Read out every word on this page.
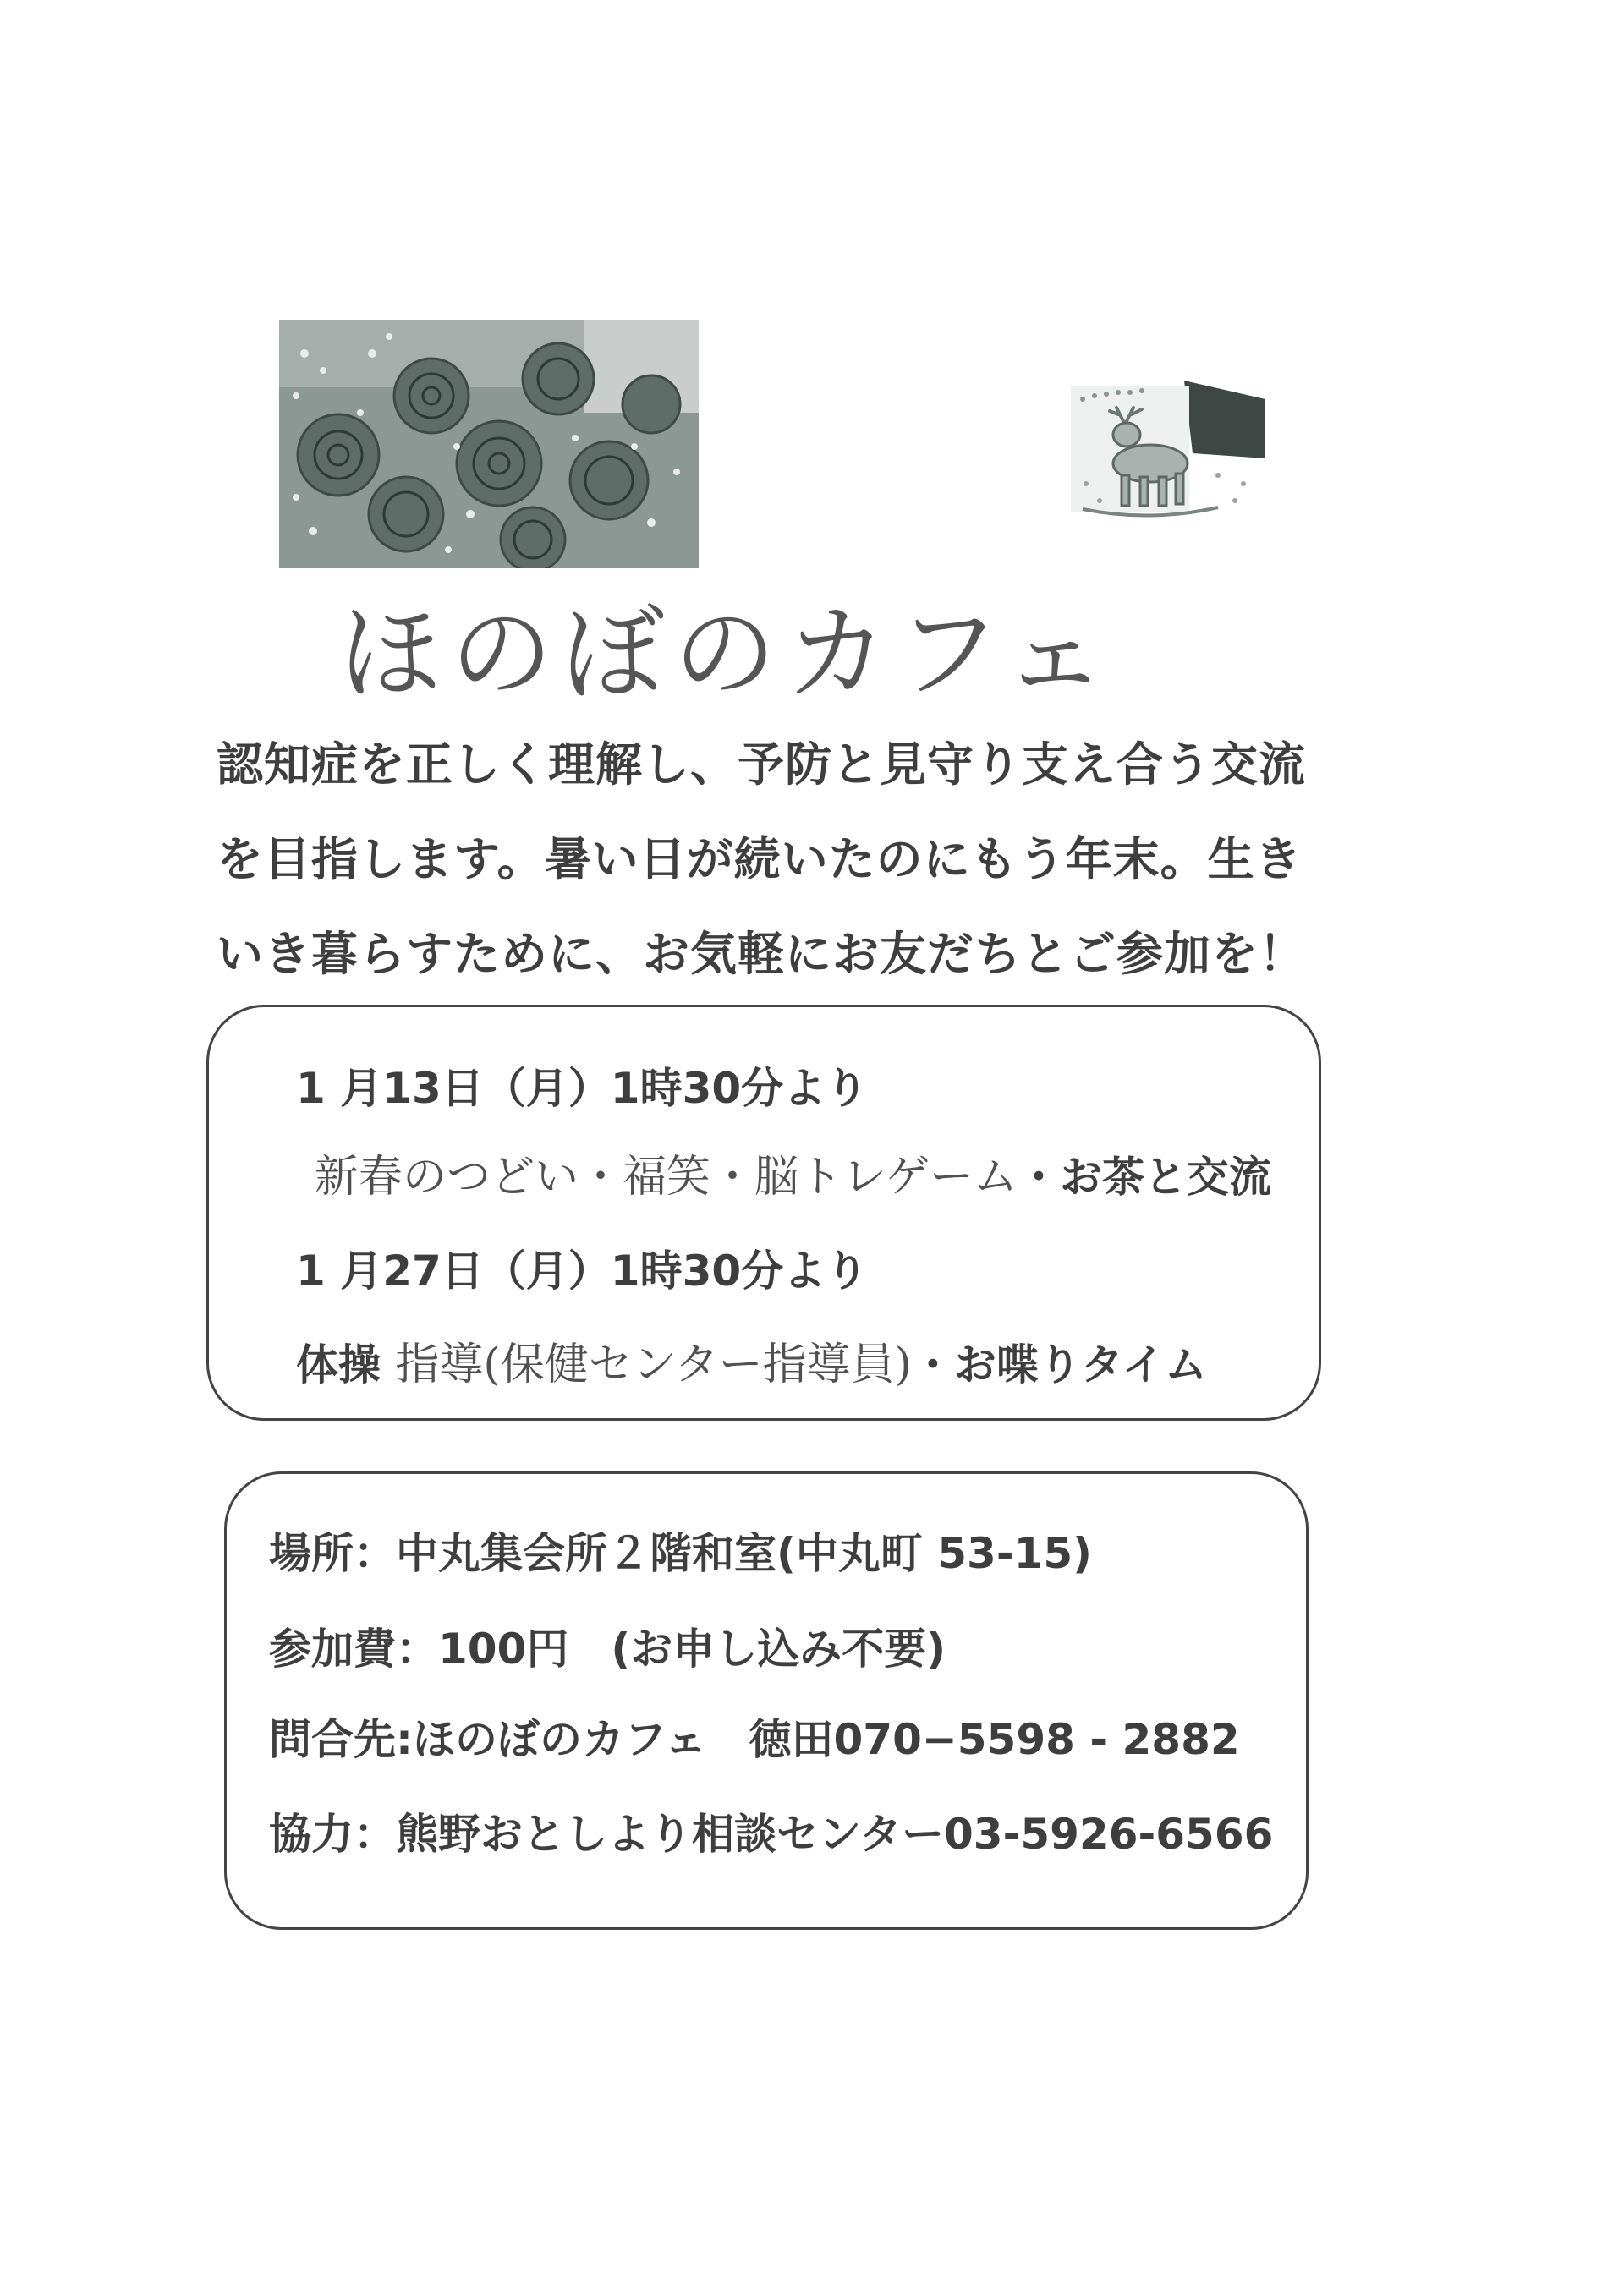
ほのぼのカフェ
認知症を正しく理解し、予防と見守り支え合う交流
を目指します。暑い日が続いたのにもう年末。生き
いき暮らすために、お気軽にお友だちとご参加を！
1 月13日（月）1時30分より
新春のつどい・福笑・脳トレゲーム・お茶と交流
1 月27日（月）1時30分より
体操 指導(保健センター指導員)・お喋りタイム
場所：中丸集会所２階和室(中丸町 53-15)
参加費：100円　(お申し込み不要)
問合先:ほのぼのカフェ　徳田070−5598 - 2882
協力：熊野おとしより相談センター03-5926-6566
